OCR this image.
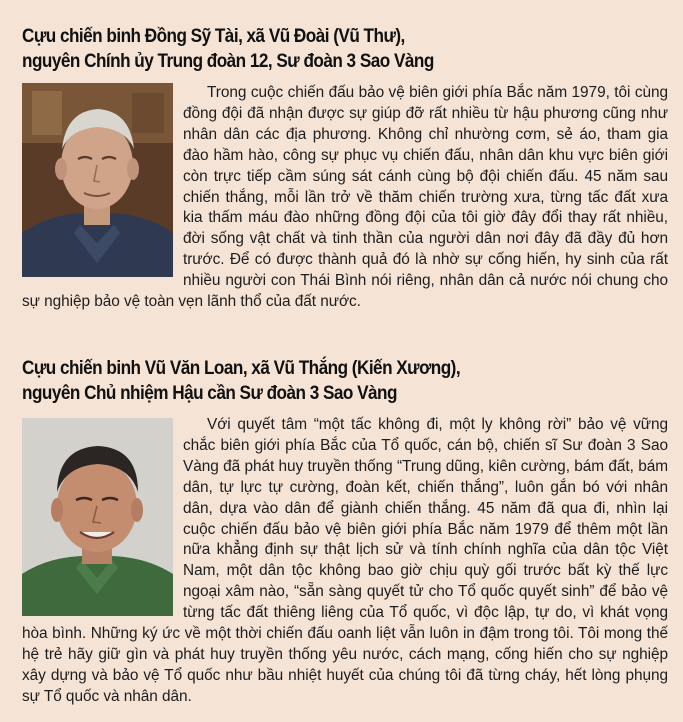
Cựu chiến binh Đồng Sỹ Tài, xã Vũ Đoài (Vũ Thư),
nguyên Chính ủy Trung đoàn 12, Sư đoàn 3 Sao Vàng

Trong cuộc chiến đấu bảo vệ biên giới phía Bắc năm 1979, tôi cùng đồng đội đã nhận được sự giúp đỡ rất nhiều từ hậu phương cũng như nhân dân các địa phương. Không chỉ nhường cơm, sẻ áo, tham gia đào hầm hào, công sự phục vụ chiến đấu, nhân dân khu vực biên giới còn trực tiếp cầm súng sát cánh cùng bộ đội chiến đấu. 45 năm sau chiến thắng, mỗi lần trở về thăm chiến trường xưa, từng tấc đất xưa kia thấm máu đào những đồng đội của tôi giờ đây đổi thay rất nhiều, đời sống vật chất và tinh thần của người dân nơi đây đã đầy đủ hơn trước. Để có được thành quả đó là nhờ sự cống hiến, hy sinh của rất nhiều người con Thái Bình nói riêng, nhân dân cả nước nói chung cho sự nghiệp bảo vệ toàn vẹn lãnh thổ của đất nước.

Cựu chiến binh Vũ Văn Loan, xã Vũ Thắng (Kiến Xương),
nguyên Chủ nhiệm Hậu cần Sư đoàn 3 Sao Vàng

Với quyết tâm “một tấc không đi, một ly không rời” bảo vệ vững chắc biên giới phía Bắc của Tổ quốc, cán bộ, chiến sĩ Sư đoàn 3 Sao Vàng đã phát huy truyền thống “Trung dũng, kiên cường, bám đất, bám dân, tự lực tự cường, đoàn kết, chiến thắng”, luôn gắn bó với nhân dân, dựa vào dân để giành chiến thắng. 45 năm đã qua đi, nhìn lại cuộc chiến đấu bảo vệ biên giới phía Bắc năm 1979 để thêm một lần nữa khẳng định sự thật lịch sử và tính chính nghĩa của dân tộc Việt Nam, một dân tộc không bao giờ chịu quỳ gối trước bất kỳ thế lực ngoại xâm nào, “sẵn sàng quyết tử cho Tổ quốc quyết sinh” để bảo vệ từng tấc đất thiêng liêng của Tổ quốc, vì độc lập, tự do, vì khát vọng hòa bình. Những ký ức về một thời chiến đấu oanh liệt vẫn luôn in đậm trong tôi. Tôi mong thế hệ trẻ hãy giữ gìn và phát huy truyền thống yêu nước, cách mạng, cống hiến cho sự nghiệp xây dựng và bảo vệ Tổ quốc như bầu nhiệt huyết của chúng tôi đã từng cháy, hết lòng phụng sự Tổ quốc và nhân dân.
